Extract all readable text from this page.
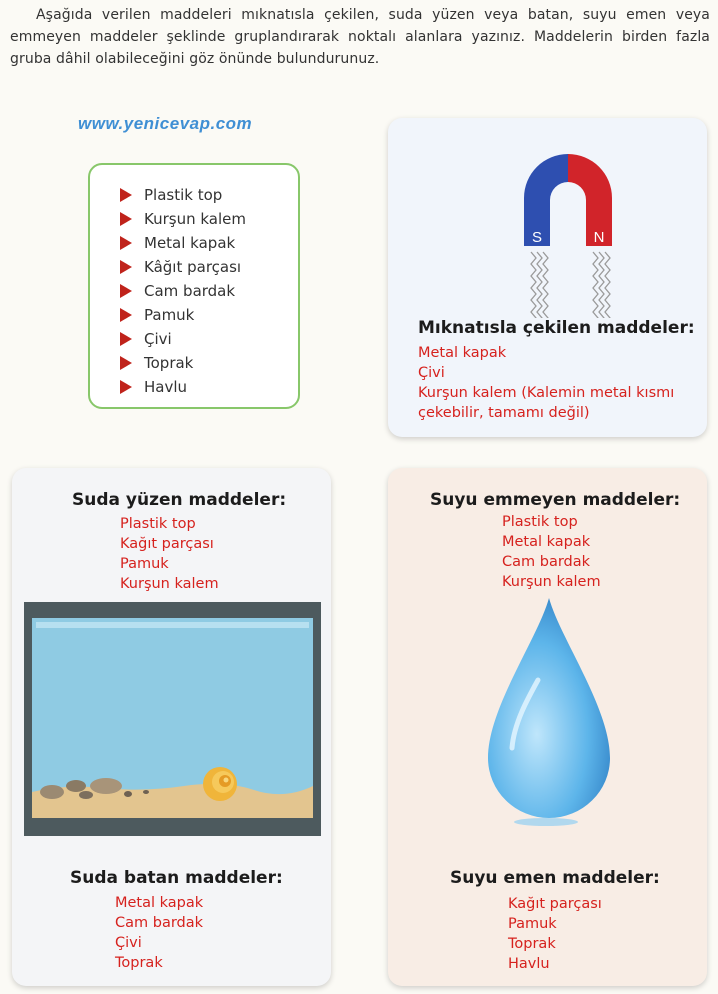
Aşağıda verilen maddeleri mıknatısla çekilen, suda yüzen veya batan, suyu emen veya emmeyen maddeler şeklinde gruplandırarak noktalı alanlara yazınız. Maddelerin birden fazla gruba dâhil olabileceğini göz önünde bulundurunuz.
www.yenicevap.com
Plastik top
Kurşun kalem
Metal kapak
Kâğıt parçası
Cam bardak
Pamuk
Çivi
Toprak
Havlu
S	N
Mıknatısla çekilen maddeler:
Metal kapak
Çivi
Kurşun kalem (Kalemin metal kısmı
çekebilir, tamamı değil)
Suda yüzen maddeler:
Plastik top
Kağıt parçası
Pamuk
Kurşun kalem
Suda batan maddeler:
Metal kapak
Cam bardak
Çivi
Toprak
Suyu emmeyen maddeler:
Plastik top
Metal kapak
Cam bardak
Kurşun kalem
Suyu emen maddeler:
Kağıt parçası
Pamuk
Toprak
Havlu
